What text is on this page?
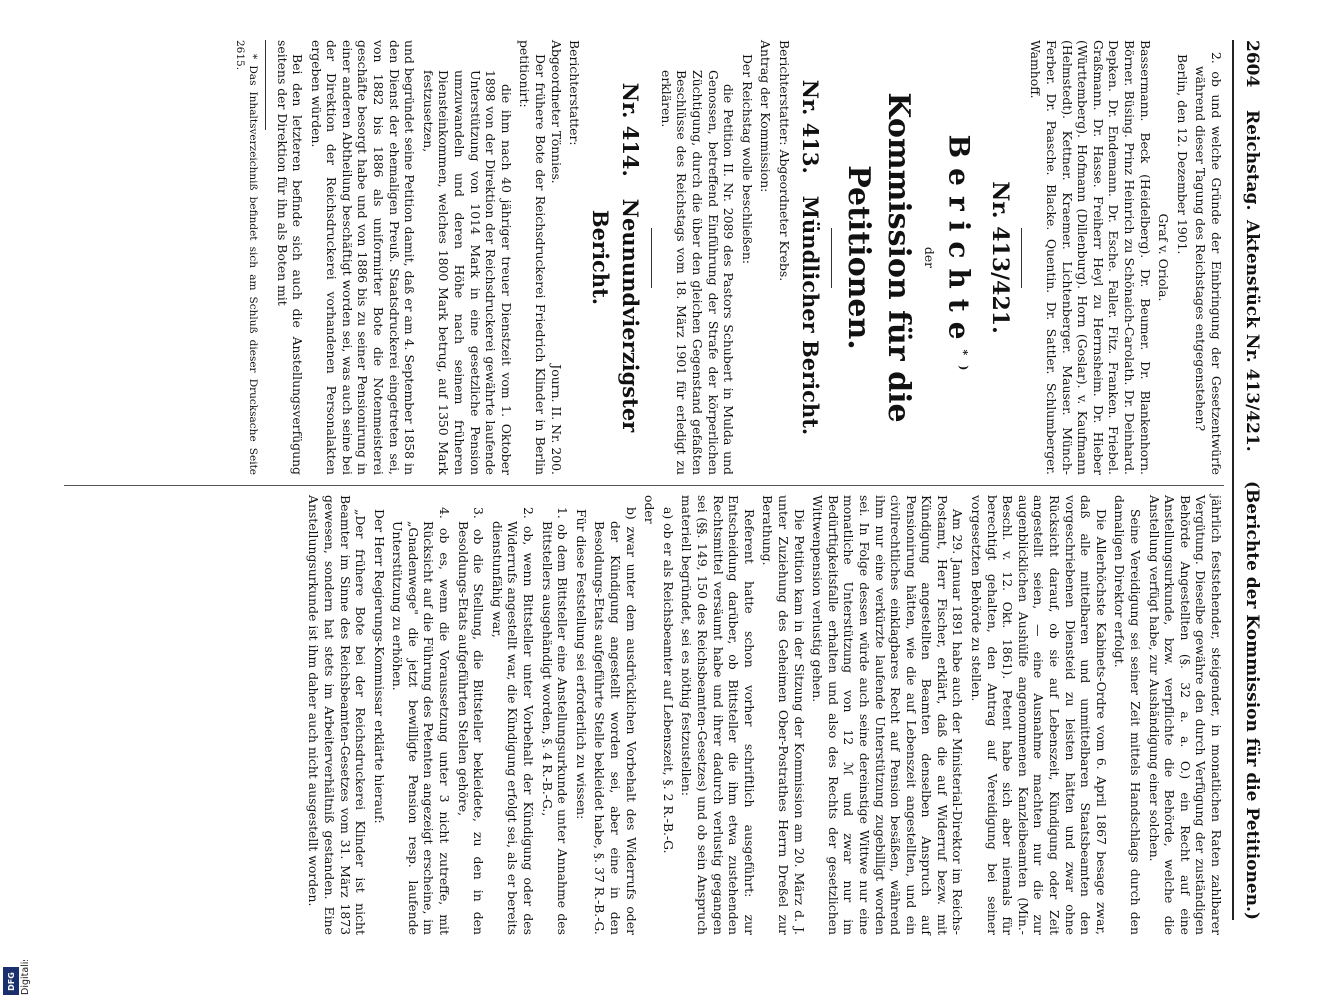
DFG
2604
Reichstag.
Aktenstück Nr. 413/421.
(Berichte der Kommission für die Petitionen.)

2. ob und welche Gründe der Einbringung der Gesetzentwürfe während dieser Tagung des Reichstages entgegenstehen?

Berlin, den 12. Dezember 1901.

Graf v. Oriola.

Bassermann. Beck (Heidelberg). Dr. Beumer. Dr. Blankenhorn. Börner. Büsing. Prinz Heinrich zu Schönaich-Carolath. Dr. Deinhard. Depken. Dr. Endemann. Dr. Esche. Faller. Fitz. Franken. Friebel. Graßmann. Dr. Hasse. Freiherr Heyl zu Herrnsheim. Dr. Hieber (Württemberg). Hofmann (Dillenburg). Horn (Goslar). v. Kaufmann (Helmstedt). Kettner. Kraemer. Lichtenberger. Mauser. Münch-Ferber. Dr. Paasche. Blacke. Quentin. Dr. Sattler. Schlumberger. Wamhoff.

Nr. 413/421.

Berichte*)

der

Kommission für die Petitionen.

Nr. 413.   Mündlicher Bericht.

Berichterstatter: Abgeordneter Krebs.

Antrag der Kommission:

Der Reichstag wolle beschließen:

die Petition II. Nr. 2089 des Pastors Schubert in Mulda und Genossen, betreffend Einführung der Strafe der körperlichen Züchtigung, durch die über den gleichen Gegenstand gefaßten Beschlüsse des Reichstags vom 18. März 1901 für erledigt zu erklären.

Nr. 414.   Neunundvierzigster Bericht.

Berichterstatter:

Abgeordneter Tönnies.
Journ. II. Nr. 200.

Der frühere Bote der Reichsdruckerei Friedrich Klinder in Berlin petitionirt:

die ihm nach 40 jähriger treuer Dienstzeit vom 1. Oktober 1898 von der Direktion der Reichsdruckerei gewährte laufende Unterstützung von 1014 Mark in eine gesetzliche Pension umzuwandeln und deren Höhe nach seinem früheren Diensteinkommen, welches 1800 Mark betrug, auf 1350 Mark festzusetzen,

und begründet seine Petition damit, daß er am 4. September 1858 in den Dienst der ehemaligen Preuß. Staatsdruckerei eingetreten sei, von 1882 bis 1886 als uniformirter Bote die Notenmeisterei geschäfte besorgt habe und von 1886 bis zu seiner Pensionirung in einer anderen Abtheilung beschäftigt worden sei, was auch seine bei der Direktion der Reichsdruckerei vorhandenen Personalakten ergeben würden.

Bei den letzteren befinde sich auch die Anstellungsverfügung seitens der Direktion für ihn als Boten mit

* Das Inhaltsverzeichniß befindet sich am Schluß dieser Drucksache Seite 2615.

jährlich feststehender, steigender, in monatlichen Raten zahlbarer Vergütung. Dieselbe gewähre den durch Verfügung der zuständigen Behörde Angestellten (§. 32 a. a. O.) ein Recht auf eine Anstellungsurkunde, bzw. verpflichte die Behörde, welche die Anstellung verfügt habe, zur Aushändigung einer solchen.

Seine Vereidigung sei seiner Zeit mittels Handschlags durch den damaligen Direktor erfolgt.

Die Allerhöchste Kabinets-Ordre vom 6. April 1867 besage zwar, daß alle mittelbaren und unmittelbaren Staatsbeamten den vorgeschriebenen Diensteid zu leisten hätten und zwar ohne Rücksicht darauf, ob sie auf Lebenszeit, Kündigung oder Zeit angestellt seien, — eine Ausnahme machten nur die zur augenblicklichen Aushülfe angenommenen Kanzleibeamten (Min.-Beschl. v. 12. Okt. 1861). Petent habe sich aber niemals für berechtigt gehalten, den Antrag auf Vereidigung bei seiner vorgesetzten Behörde zu stellen.

Am 29. Januar 1891 habe auch der Ministerial-Direktor im Reichs-Postamt, Herr Fischer, erklärt, daß die auf Widerruf bezw. mit Kündigung angestellten Beamten denselben Anspruch auf Pensionirung hätten, wie die auf Lebenszeit angestellten, und ein civilrechtliches einklagbares Recht auf Pension besäßen, während ihm nur eine verkürzte laufende Unterstützung zugebilligt worden sei. In Folge dessen würde auch seine dereinstige Wittwe nur eine monatliche Unterstützung von 12 ℳ und zwar nur im Bedürftigkeitsfalle erhalten und also des Rechts der gesetzlichen Wittwenpension verlustig gehen.

Die Petition kam in der Sitzung der Kommission am 20. März d. J. unter Zuziehung des Geheimen Ober-Postrathes Herrn Dreßel zur Berathung.

Referent hatte schon vorher schriftlich ausgeführt: zur Entscheidung darüber, ob Bittsteller die ihm etwa zustehenden Rechtsmittel versäumt habe und ihrer dadurch verlustig gegangen sei (§§. 149, 150 des Reichsbeamten-Gesetzes) und ob sein Anspruch materiell begründet, sei es nöthig festzustellen:

a) ob er als Reichsbeamter auf Lebenszeit, §. 2 R.-B.-G.

oder

b) zwar unter dem ausdrücklichen Vorbehalt des Widerrufs oder der Kündigung angestellt worden sei, aber eine in den Besoldungs-Etats aufgeführte Stelle bekleidet habe, §. 37 R.-B.-G.

Für diese Feststellung sei erforderlich zu wissen:

1. ob dem Bittsteller eine Anstellungsurkunde unter Annahme des Bittstellers ausgehändigt worden, §. 4 R.-B.-G.,

2. ob, wenn Bittsteller unter Vorbehalt der Kündigung oder des Widerrufs angestellt war, die Kündigung erfolgt sei, als er bereits dienstunfähig war,

3. ob die Stellung, die Bittsteller bekleidete, zu den in den Besoldungs-Etats aufgeführten Stellen gehöre,

4. ob es, wenn die Voraussetzung unter 3 nicht zutreffe, mit Rücksicht auf die Führung des Petenten angezeigt erscheine, im „Gnadenwege" die jetzt bewilligte Pension resp. laufende Unterstützung zu erhöhen.

Der Herr Regierungs-Kommissar erklärte hierauf:

„Der frühere Bote bei der Reichsdruckerei Klinder ist nicht Beamter im Sinne des Reichsbeamten-Gesetzes vom 31. März 1873 gewesen, sondern hat stets im Arbeiterverhältniß gestanden. Eine Anstellungsurkunde ist ihm daher auch nicht ausgestellt worden.
